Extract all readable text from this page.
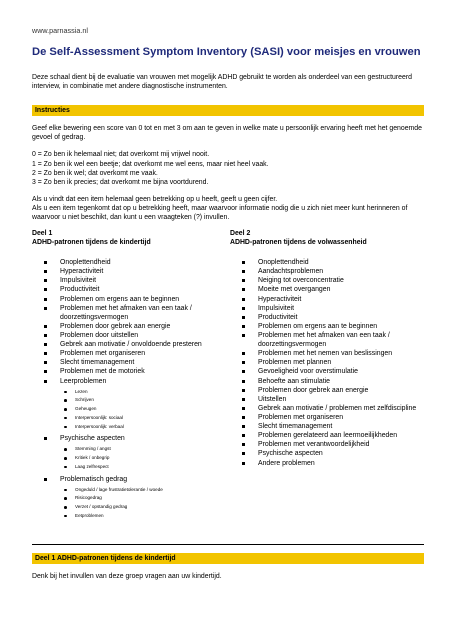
www.parnassia.nl
De Self-Assessment Symptom Inventory (SASI) voor meisjes en vrouwen

Deze schaal dient bij de evaluatie van vrouwen met mogelijk ADHD gebruikt te worden als onderdeel van een gestructureerd interview, in combinatie met andere diagnostische instrumenten.

Instructies

Geef elke bewering een score van 0 tot en met 3 om aan te geven in welke mate u persoonlijk ervaring heeft met het genoemde gevoel of gedrag.

0 = Zo ben ik helemaal niet; dat overkomt mij vrijwel nooit.

1 = Zo ben ik wel een beetje; dat overkomt me wel eens, maar niet heel vaak.

2 = Zo ben ik wel; dat overkomt me vaak.

3 = Zo ben ik precies; dat overkomt me bijna voortdurend.

Als u vindt dat een item helemaal geen betrekking op u heeft, geeft u geen cijfer.

Als u een item tegenkomt dat op u betrekking heeft, maar waarvoor informatie nodig die u zich niet meer kunt herinneren of waarvoor u niet beschikt, dan kunt u een vraagteken (?) invullen.

Deel 1
ADHD-patronen tijdens de kindertijd
Onoplettendheid
Hyperactiviteit
Impulsiviteit
Productiviteit
Problemen om ergens aan te beginnen
Problemen met het afmaken van een taak / doorzettingsvermogen
Problemen door gebrek aan energie
Problemen door uitstellen
Gebrek aan motivatie / onvoldoende presteren
Problemen met organiseren
Slecht timemanagement
Problemen met de motoriek
Leerproblemen
Lezen
Schrijven
Geheugen
Interpersoonlijk: sociaal
Interpersoonlijk: verbaal
Psychische aspecten
Stemming / angst
Kritiek / onbegrip
Laag zelfrespect
Problematisch gedrag
Ongeduld / lage frustratietolerantie / woede
Risicogedrag
Verzet / opstandig gedrag
Eetproblemen
Deel 2
ADHD-patronen tijdens de volwassenheid
Onoplettendheid
Aandachtsproblemen
Neiging tot overconcentratie
Moeite met overgangen
Hyperactiviteit
Impulsiviteit
Productiviteit
Problemen om ergens aan te beginnen
Problemen met het afmaken van een taak / doorzettingsvermogen
Problemen met het nemen van beslissingen
Problemen met plannen
Gevoeligheid voor overstimulatie
Behoefte aan stimulatie
Problemen door gebrek aan energie
Uitstellen
Gebrek aan motivatie / problemen met zelfdiscipline
Problemen met organiseren
Slecht timemanagement
Problemen gerelateerd aan leermoeilijkheden
Problemen met verantwoordelijkheid
Psychische aspecten
Andere problemen
Deel 1 ADHD-patronen tijdens de kindertijd

Denk bij het invullen van deze groep vragen aan uw kindertijd.
